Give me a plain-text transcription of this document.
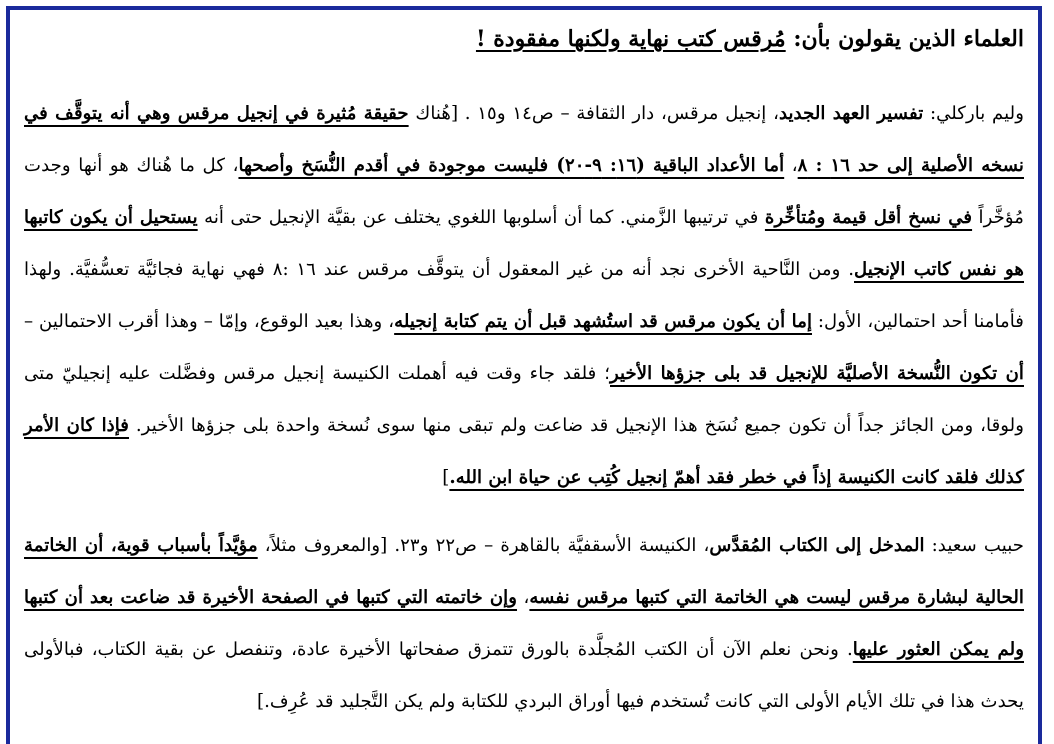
العلماء الذين يقولون بأن: مُرقس كتب نهاية ولكنها مفقودة !

وليم باركلي: تفسير العهد الجديد، إنجيل مرقس، دار الثقافة – ص١٤ و١٥ . [هُناك حقيقة مُثيرة في إنجيل مرقس وهي أنه يتوقَّف في نسخه الأصلية إلى حد ١٦ : ٨، أما الأعداد الباقية (١٦: ٩-٢٠) فليست موجودة في أقدم النُّسَخ وأصحها، كل ما هُناك هو أنها وجدت مُؤخَّراً في نسخ أقل قيمة ومُتأخِّرة في ترتيبها الزَّمني. كما أن أسلوبها اللغوي يختلف عن بقيَّة الإنجيل حتى أنه يستحيل أن يكون كاتبها هو نفس كاتب الإنجيل. ومن النَّاحية الأخرى نجد أنه من غير المعقول أن يتوقَّف مرقس عند ١٦ :٨ فهي نهاية فجائيَّة تعسُّفيَّة. ولهذا فأمامنا أحد احتمالين، الأول: إما أن يكون مرقس قد استُشهد قبل أن يتم كتابة إنجيله، وهذا بعيد الوقوع، وإمّا – وهذا أقرب الاحتمالين – أن تكون النُّسخة الأصليَّة للإنجيل قد بلى جزؤها الأخير؛ فلقد جاء وقت فيه أهملت الكنيسة إنجيل مرقس وفضَّلت عليه إنجيليّ متى ولوقا، ومن الجائز جداً أن تكون جميع نُسَخ هذا الإنجيل قد ضاعت ولم تبقى منها سوى نُسخة واحدة بلى جزؤها الأخير. فإذا كان الأمر كذلك فلقد كانت الكنيسة إذاً في خطر فقد أهمّ إنجيل كُتِب عن حياة ابن الله.]

حبيب سعيد: المدخل إلى الكتاب المُقدَّس، الكنيسة الأسقفيَّة بالقاهرة – ص٢٢ و٢٣. [والمعروف مثلاً، مؤيَّداً بأسباب قوية، أن الخاتمة الحالية لبشارة مرقس ليست هي الخاتمة التي كتبها مرقس نفسه، وإن خاتمته التي كتبها في الصفحة الأخيرة قد ضاعت بعد أن كتبها ولم يمكن العثور عليها. ونحن نعلم الآن أن الكتب المُجلَّدة بالورق تتمزق صفحاتها الأخيرة عادة، وتنفصل عن بقية الكتاب، فبالأولى يحدث هذا في تلك الأيام الأولى التي كانت تُستخدم فيها أوراق البردي للكتابة ولم يكن التَّجليد قد عُرِف.]
